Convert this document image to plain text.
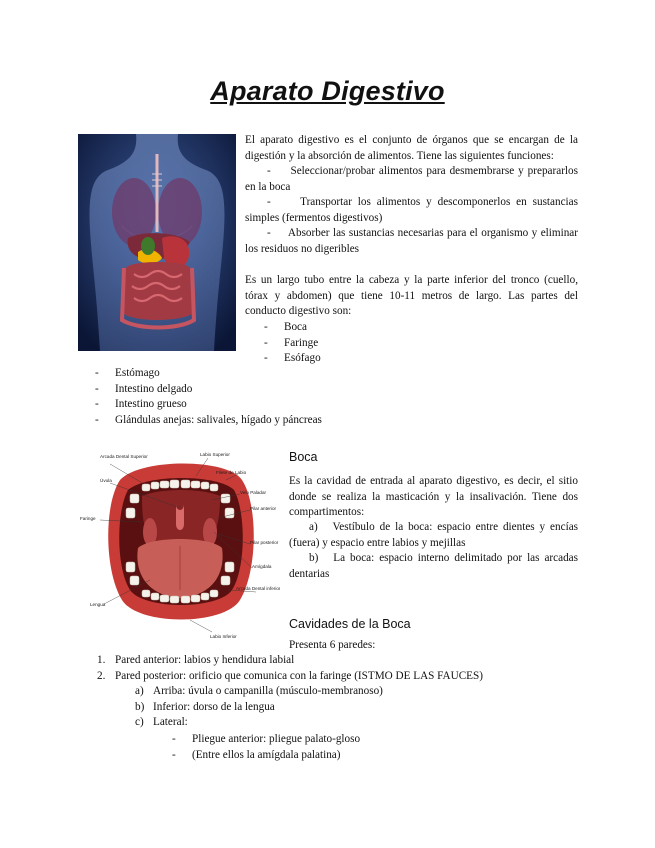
Aparato Digestivo
El aparato digestivo es el conjunto de órganos que se encargan de la digestión y la absorción de alimentos. Tiene las siguientes funciones:
-     Seleccionar/probar alimentos para desmembrarse y prepararlos en la boca
-     Transportar los alimentos y descomponerlos en sustancias simples (fermentos digestivos)
-     Absorber las sustancias necesarias para el organismo y eliminar los residuos no digeribles
Es un largo tubo entre la cabeza y la parte inferior del tronco (cuello, tórax y abdomen) que tiene 10-11 metros de largo. Las partes del conducto digestivo son:
- Boca
- Faringe
- Esófago
- Estómago
- Intestino delgado
- Intestino grueso
- Glándulas anejas: salivales, hígado y páncreas
Arcada Dental Superior	Labio Superior
Filete de Labio
Úvula
Velo Paladar
Pilar anterior
Faringe
Pilar posterior
Amígdala
Arcada Dental inferior
Lengua
Labio Inferior
Boca
Es la cavidad de entrada al aparato digestivo, es decir, el sitio donde se realiza la masticación y la insalivación. Tiene dos compartimentos:
a) Vestíbulo de la boca: espacio entre dientes y encías (fuera) y espacio entre labios y mejillas
b) La boca: espacio interno delimitado por las arcadas dentarias
Cavidades de la Boca
Presenta 6 paredes:
1. Pared anterior: labios y hendidura labial
2. Pared posterior: orificio que comunica con la faringe (ISTMO DE LAS FAUCES)
a) Arriba: úvula o campanilla (músculo-membranoso)
b) Inferior: dorso de la lengua
c) Lateral:
- Pliegue anterior: pliegue palato-gloso
- (Entre ellos la amígdala palatina)
